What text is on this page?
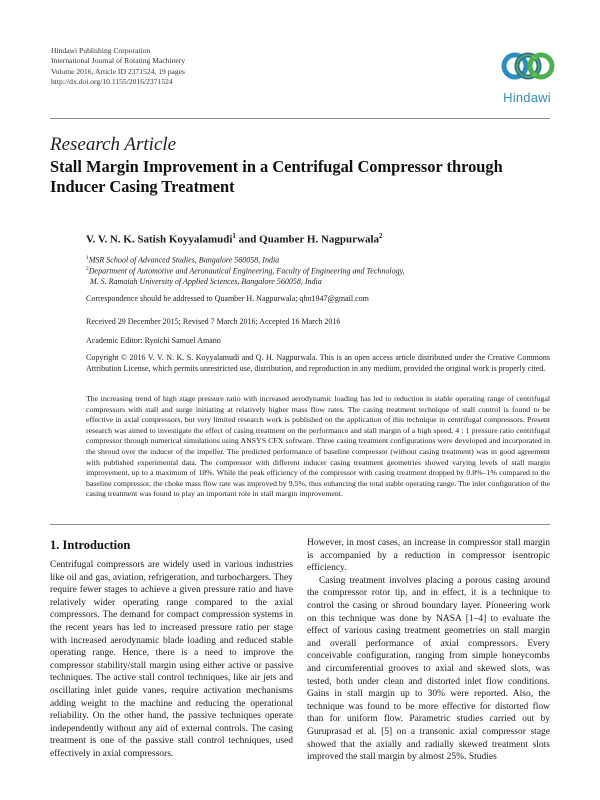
Hindawi Publishing Corporation
International Journal of Rotating Machinery
Volume 2016, Article ID 2371524, 19 pages
http://dx.doi.org/10.1155/2016/2371524
Hindawi
Research Article
Stall Margin Improvement in a Centrifugal Compressor through Inducer Casing Treatment
V. V. N. K. Satish Koyyalamudi$^1$ and Quamber H. Nagpurwala$^2$
$^1$MSR School of Advanced Studies, Bangalore 560058, India
$^2$Department of Automotive and Aeronautical Engineering, Faculty of Engineering and Technology,
M. S. Ramaiah University of Applied Sciences, Bangalore 560058, India
Correspondence should be addressed to Quamber H. Nagpurwala; qhn1947@gmail.com
Received 29 December 2015; Revised 7 March 2016; Accepted 16 March 2016
Academic Editor: Ryoichi Samuel Amano
Copyright © 2016 V. V. N. K. S. Koyyalamudi and Q. H. Nagpurwala. This is an open access article distributed under the Creative Commons Attribution License, which permits unrestricted use, distribution, and reproduction in any medium, provided the original work is properly cited.
The increasing trend of high stage pressure ratio with increased aerodynamic loading has led to reduction in stable operating range of centrifugal compressors with stall and surge initiating at relatively higher mass flow rates. The casing treatment technique of stall control is found to be effective in axial compressors, but very limited research work is published on the application of this technique in centrifugal compressors. Present research was aimed to investigate the effect of casing treatment on the performance and stall margin of a high speed, 4 : 1 pressure ratio centrifugal compressor through numerical simulations using ANSYS CFX software. Three casing treatment configurations were developed and incorporated in the shroud over the inducer of the impeller. The predicted performance of baseline compressor (without casing treatment) was in good agreement with published experimental data. The compressor with different inducer casing treatment geometries showed varying levels of stall margin improvement, up to a maximum of 18%. While the peak efficiency of the compressor with casing treatment dropped by 0.8%–1% compared to the baseline compressor, the choke mass flow rate was improved by 9.5%, thus enhancing the total stable operating range. The inlet configuration of the casing treatment was found to play an important role in stall margin improvement.
1. Introduction

Centrifugal compressors are widely used in various industries like oil and gas, aviation, refrigeration, and turbochargers. They require fewer stages to achieve a given pressure ratio and have relatively wider operating range compared to the axial compressors. The demand for compact compression systems in the recent years has led to increased pressure ratio per stage with increased aerodynamic blade loading and reduced stable operating range. Hence, there is a need to improve the compressor stability/stall margin using either active or passive techniques. The active stall control techniques, like air jets and oscillating inlet guide vanes, require activation mechanisms adding weight to the machine and reducing the operational reliability. On the other hand, the passive techniques operate independently without any aid of external controls. The casing treatment is one of the passive stall control techniques, used effectively in axial compressors.

However, in most cases, an increase in compressor stall margin is accompanied by a reduction in compressor isentropic efficiency.

Casing treatment involves placing a porous casing around the compressor rotor tip, and in effect, it is a technique to control the casing or shroud boundary layer. Pioneering work on this technique was done by NASA [1–4] to evaluate the effect of various casing treatment geometries on stall margin and overall performance of axial compressors. Every conceivable configuration, ranging from simple honeycombs and circumferential grooves to axial and skewed slots, was tested, both under clean and distorted inlet flow conditions. Gains in stall margin up to 30% were reported. Also, the technique was found to be more effective for distorted flow than for uniform flow. Parametric studies carried out by Guruprasad et al. [5] on a transonic axial compressor stage showed that the axially and radially skewed treatment slots improved the stall margin by almost 25%. Studies
